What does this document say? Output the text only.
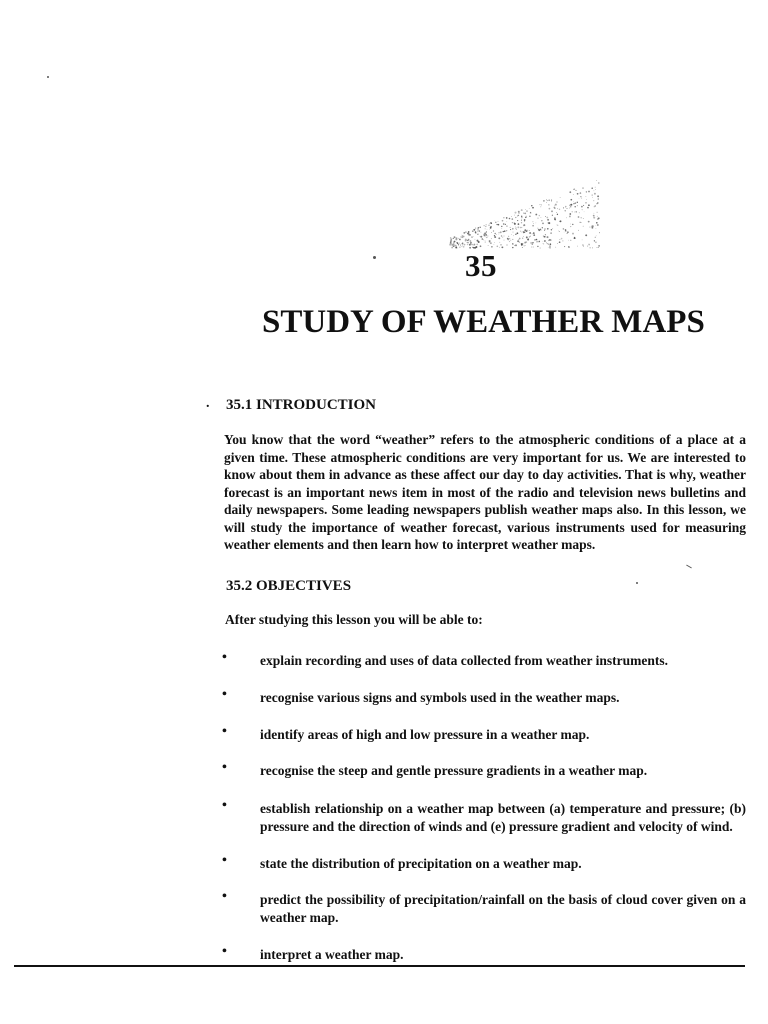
35
STUDY OF WEATHER MAPS
. 35.1 INTRODUCTION

You know that the word “weather” refers to the atmospheric conditions of a place at a given time. These atmospheric conditions are very important for us. We are interested to know about them in advance as these affect our day to day activities. That is why, weather forecast is an important news item in most of the radio and television news bulletins and daily newspapers. Some leading newspapers publish weather maps also. In this lesson, we will study the importance of weather forecast, various instruments used for measuring weather elements and then learn how to interpret weather maps.

35.2 OBJECTIVES
After studying this lesson you will be able to:
• explain recording and uses of data collected from weather instruments.
• recognise various signs and symbols used in the weather maps.
• identify areas of high and low pressure in a weather map.
• recognise the steep and gentle pressure gradients in a weather map.
• establish relationship on a weather map between (a) temperature and pressure; (b) pressure and the direction of winds and (e) pressure gradient and velocity of wind.
• state the distribution of precipitation on a weather map.
• predict the possibility of precipitation/rainfall on the basis of cloud cover given on a weather map.
• interpret a weather map.
